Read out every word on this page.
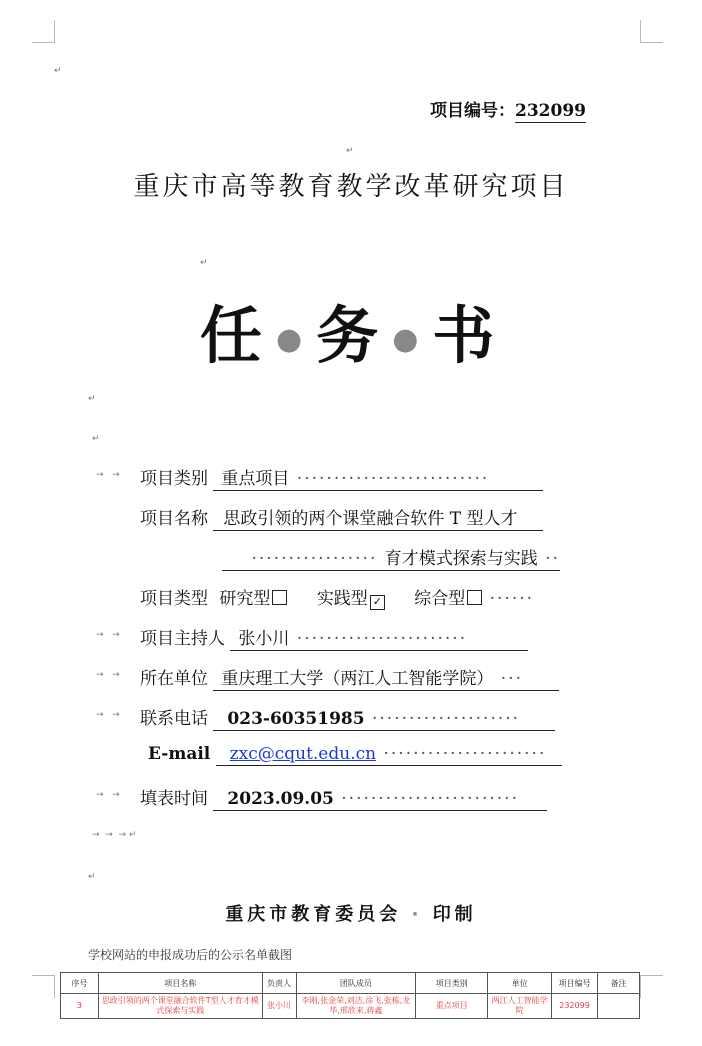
↵
↵
↵
↵
↵
→  →  → ↵
↵
项目编号：232099
重庆市高等教育教学改革研究项目
任 ●务 ●书
→   → 项目类别 重点项目 ··························
项目名称 思政引领的两个课堂融合软件 T 型人才
················· 育才模式探索与实践 ··
项目类型 研究型	实践型 ✓ 综合型 ······
→   → 项目主持人 张小川 ·······················
→   → 所在单位 重庆理工大学（两江人工智能学院） ···
→   → 联系电话 023-60351985 ····················
E-mail zxc@cqut.edu.cn ······················
→   → 填表时间 2023.09.05 ························
重庆市教育委员会 · 印制
学校网站的申报成功后的公示名单截图
序号	项目名称	负责人	团队成员	项目类别	单位	项目编号	备注
3	思政引领的两个课堂融合软件T型人才育才模式探索与实践	张小川	李刚,张金荣,刘洁,涂飞,张栋,龙华,邢欣来,蒋鑫	重点项目	两江人工智能学院	232099	
